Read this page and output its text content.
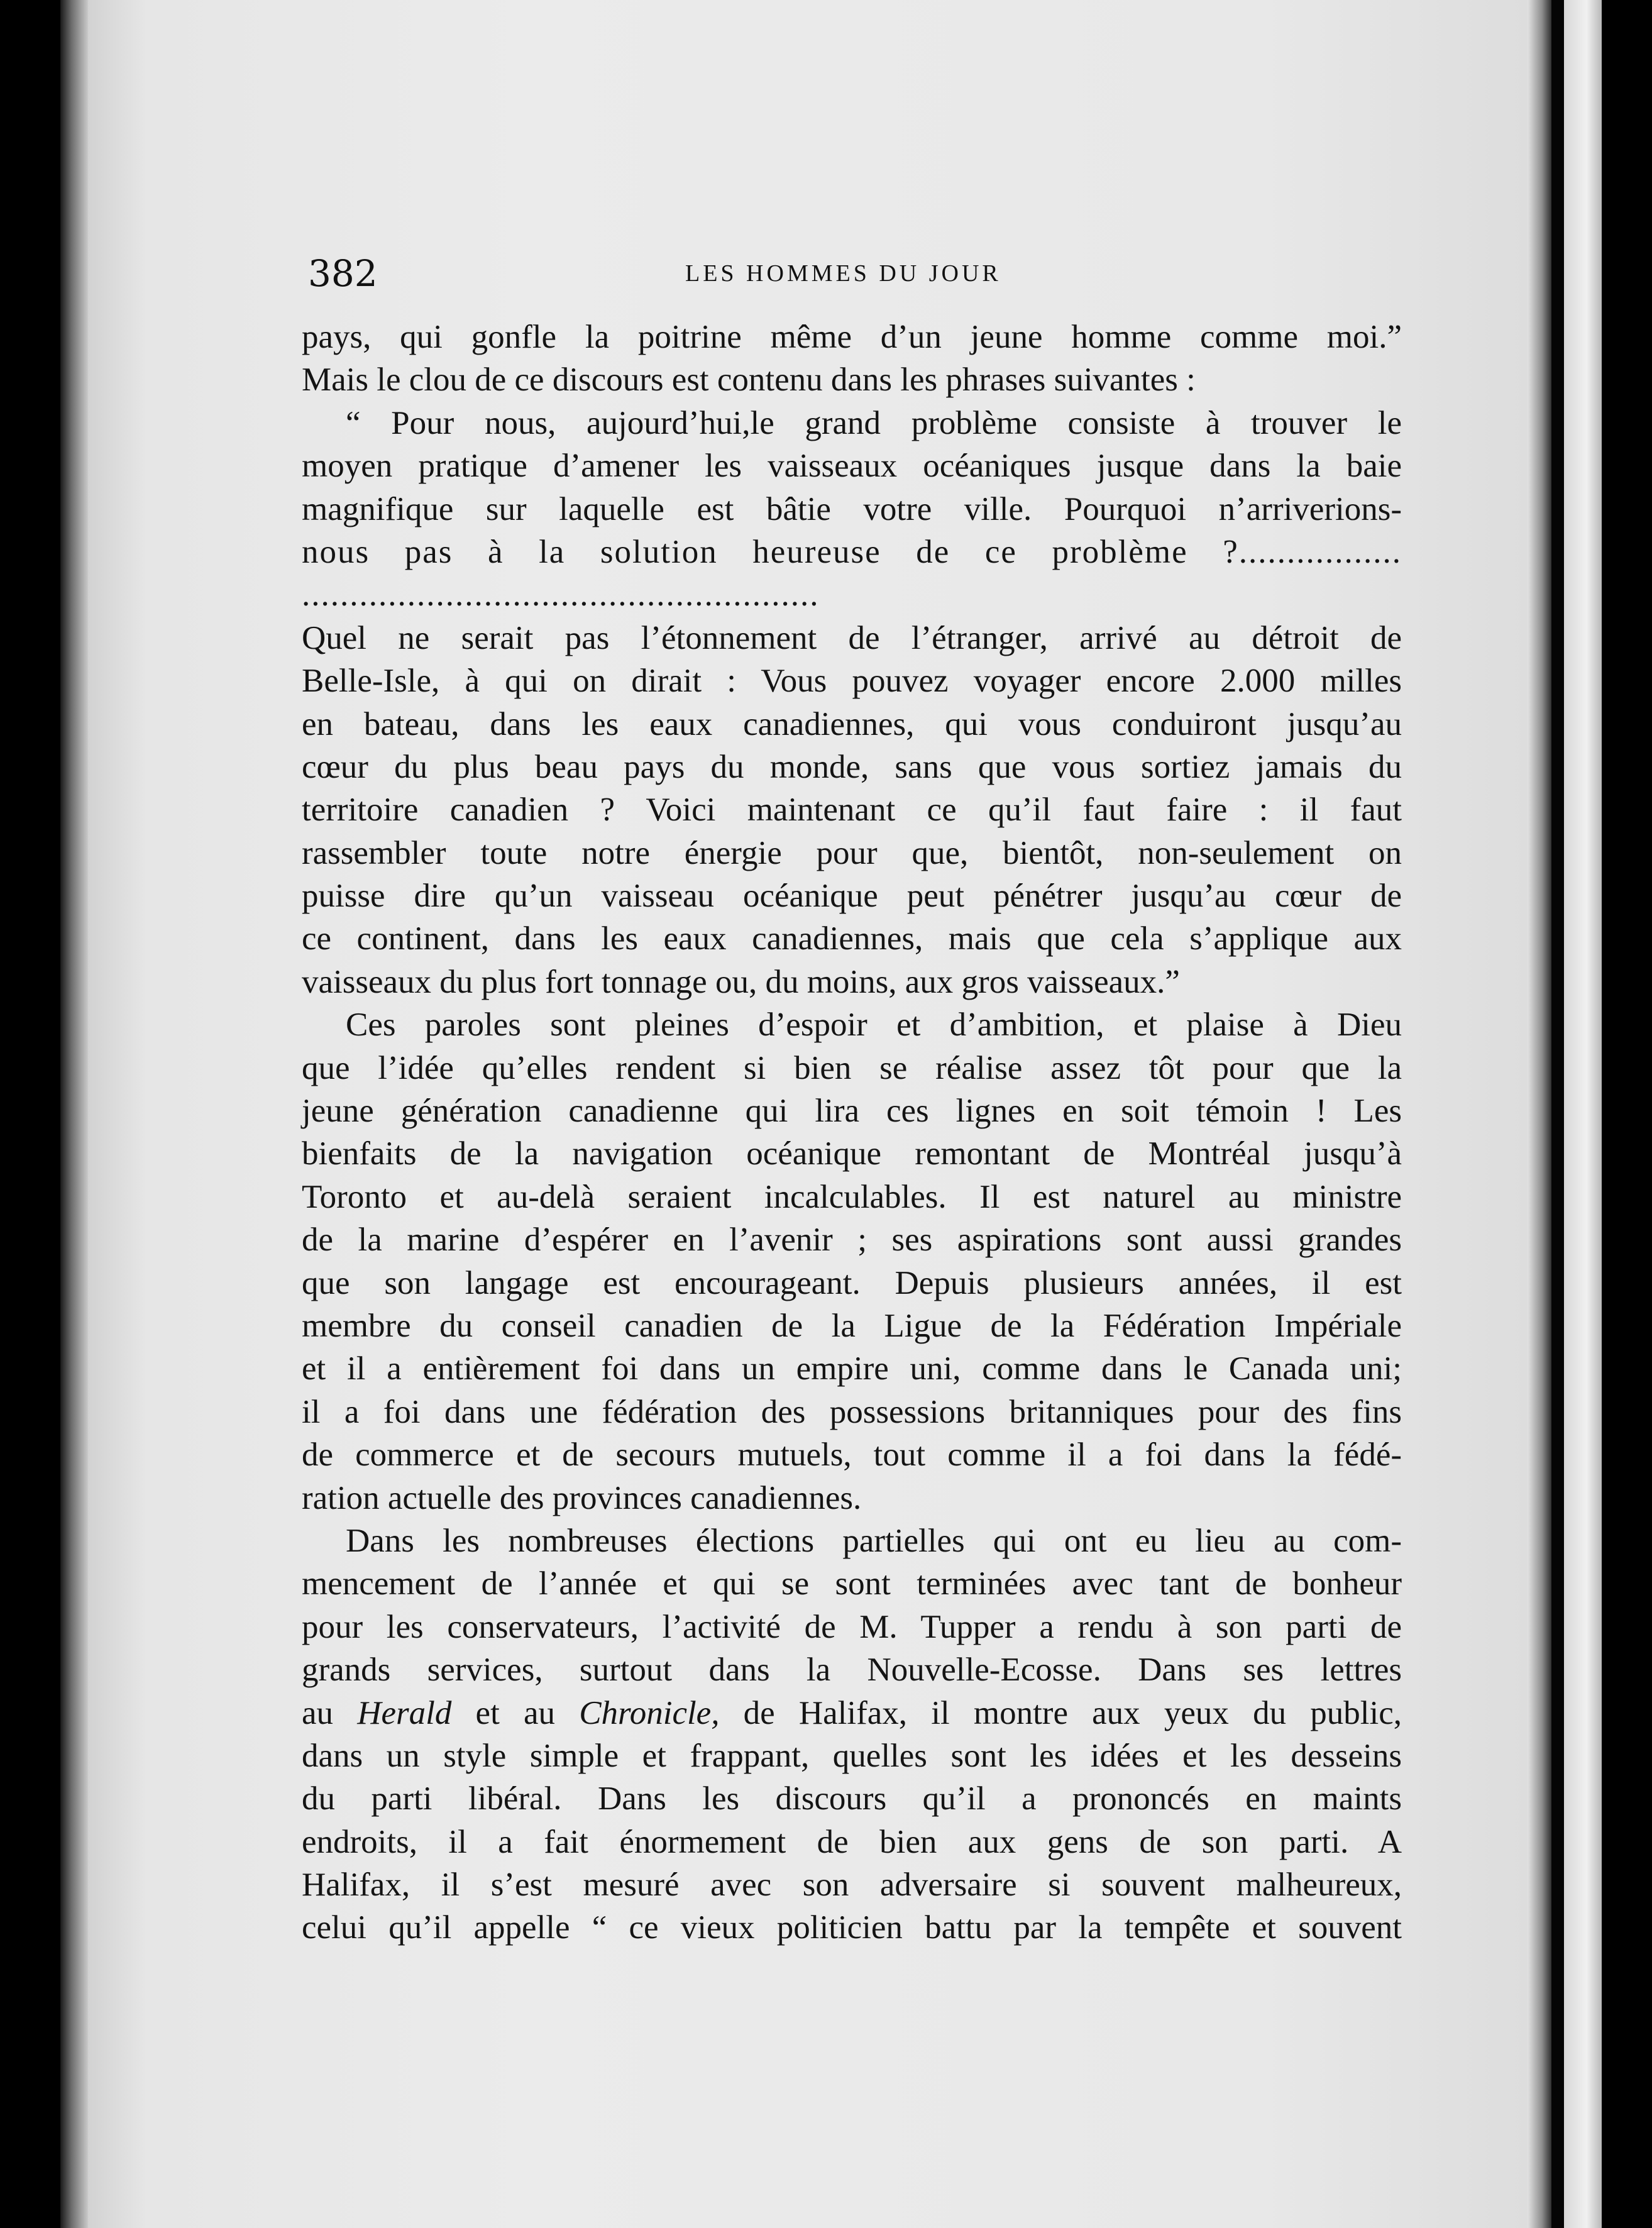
382	LES HOMMES DU JOUR
pays, qui gonfle la poitrine même d’un jeune homme comme moi.”
Mais le clou de ce discours est contenu dans les phrases suivantes :
“ Pour nous, aujourd’hui,le grand problème consiste à trouver le
moyen pratique d’amener les vaisseaux océaniques jusque dans la baie
magnifique sur laquelle est bâtie votre ville. Pourquoi n’arriverions-
nous pas à la solution heureuse de ce problème ?.................
......................................................
Quel ne serait pas l’étonnement de l’étranger, arrivé au détroit de
Belle-Isle, à qui on dirait : Vous pouvez voyager encore 2.000 milles
en bateau, dans les eaux canadiennes, qui vous conduiront jusqu’au
cœur du plus beau pays du monde, sans que vous sortiez jamais du
territoire canadien ? Voici maintenant ce qu’il faut faire : il faut
rassembler toute notre énergie pour que, bientôt, non-seulement on
puisse dire qu’un vaisseau océanique peut pénétrer jusqu’au cœur de
ce continent, dans les eaux canadiennes, mais que cela s’applique aux
vaisseaux du plus fort tonnage ou, du moins, aux gros vaisseaux.”
Ces paroles sont pleines d’espoir et d’ambition, et plaise à Dieu
que l’idée qu’elles rendent si bien se réalise assez tôt pour que la
jeune génération canadienne qui lira ces lignes en soit témoin ! Les
bienfaits de la navigation océanique remontant de Montréal jusqu’à
Toronto et au-delà seraient incalculables. Il est naturel au ministre
de la marine d’espérer en l’avenir ; ses aspirations sont aussi grandes
que son langage est encourageant. Depuis plusieurs années, il est
membre du conseil canadien de la Ligue de la Fédération Impériale
et il a entièrement foi dans un empire uni, comme dans le Canada uni;
il a foi dans une fédération des possessions britanniques pour des fins
de commerce et de secours mutuels, tout comme il a foi dans la fédé-
ration actuelle des provinces canadiennes.
Dans les nombreuses élections partielles qui ont eu lieu au com-
mencement de l’année et qui se sont terminées avec tant de bonheur
pour les conservateurs, l’activité de M. Tupper a rendu à son parti de
grands services, surtout dans la Nouvelle-Ecosse. Dans ses lettres
au Herald et au Chronicle, de Halifax, il montre aux yeux du public,
dans un style simple et frappant, quelles sont les idées et les desseins
du parti libéral. Dans les discours qu’il a prononcés en maints
endroits, il a fait énormement de bien aux gens de son parti. A
Halifax, il s’est mesuré avec son adversaire si souvent malheureux,
celui qu’il appelle “ ce vieux politicien battu par la tempête et souvent
